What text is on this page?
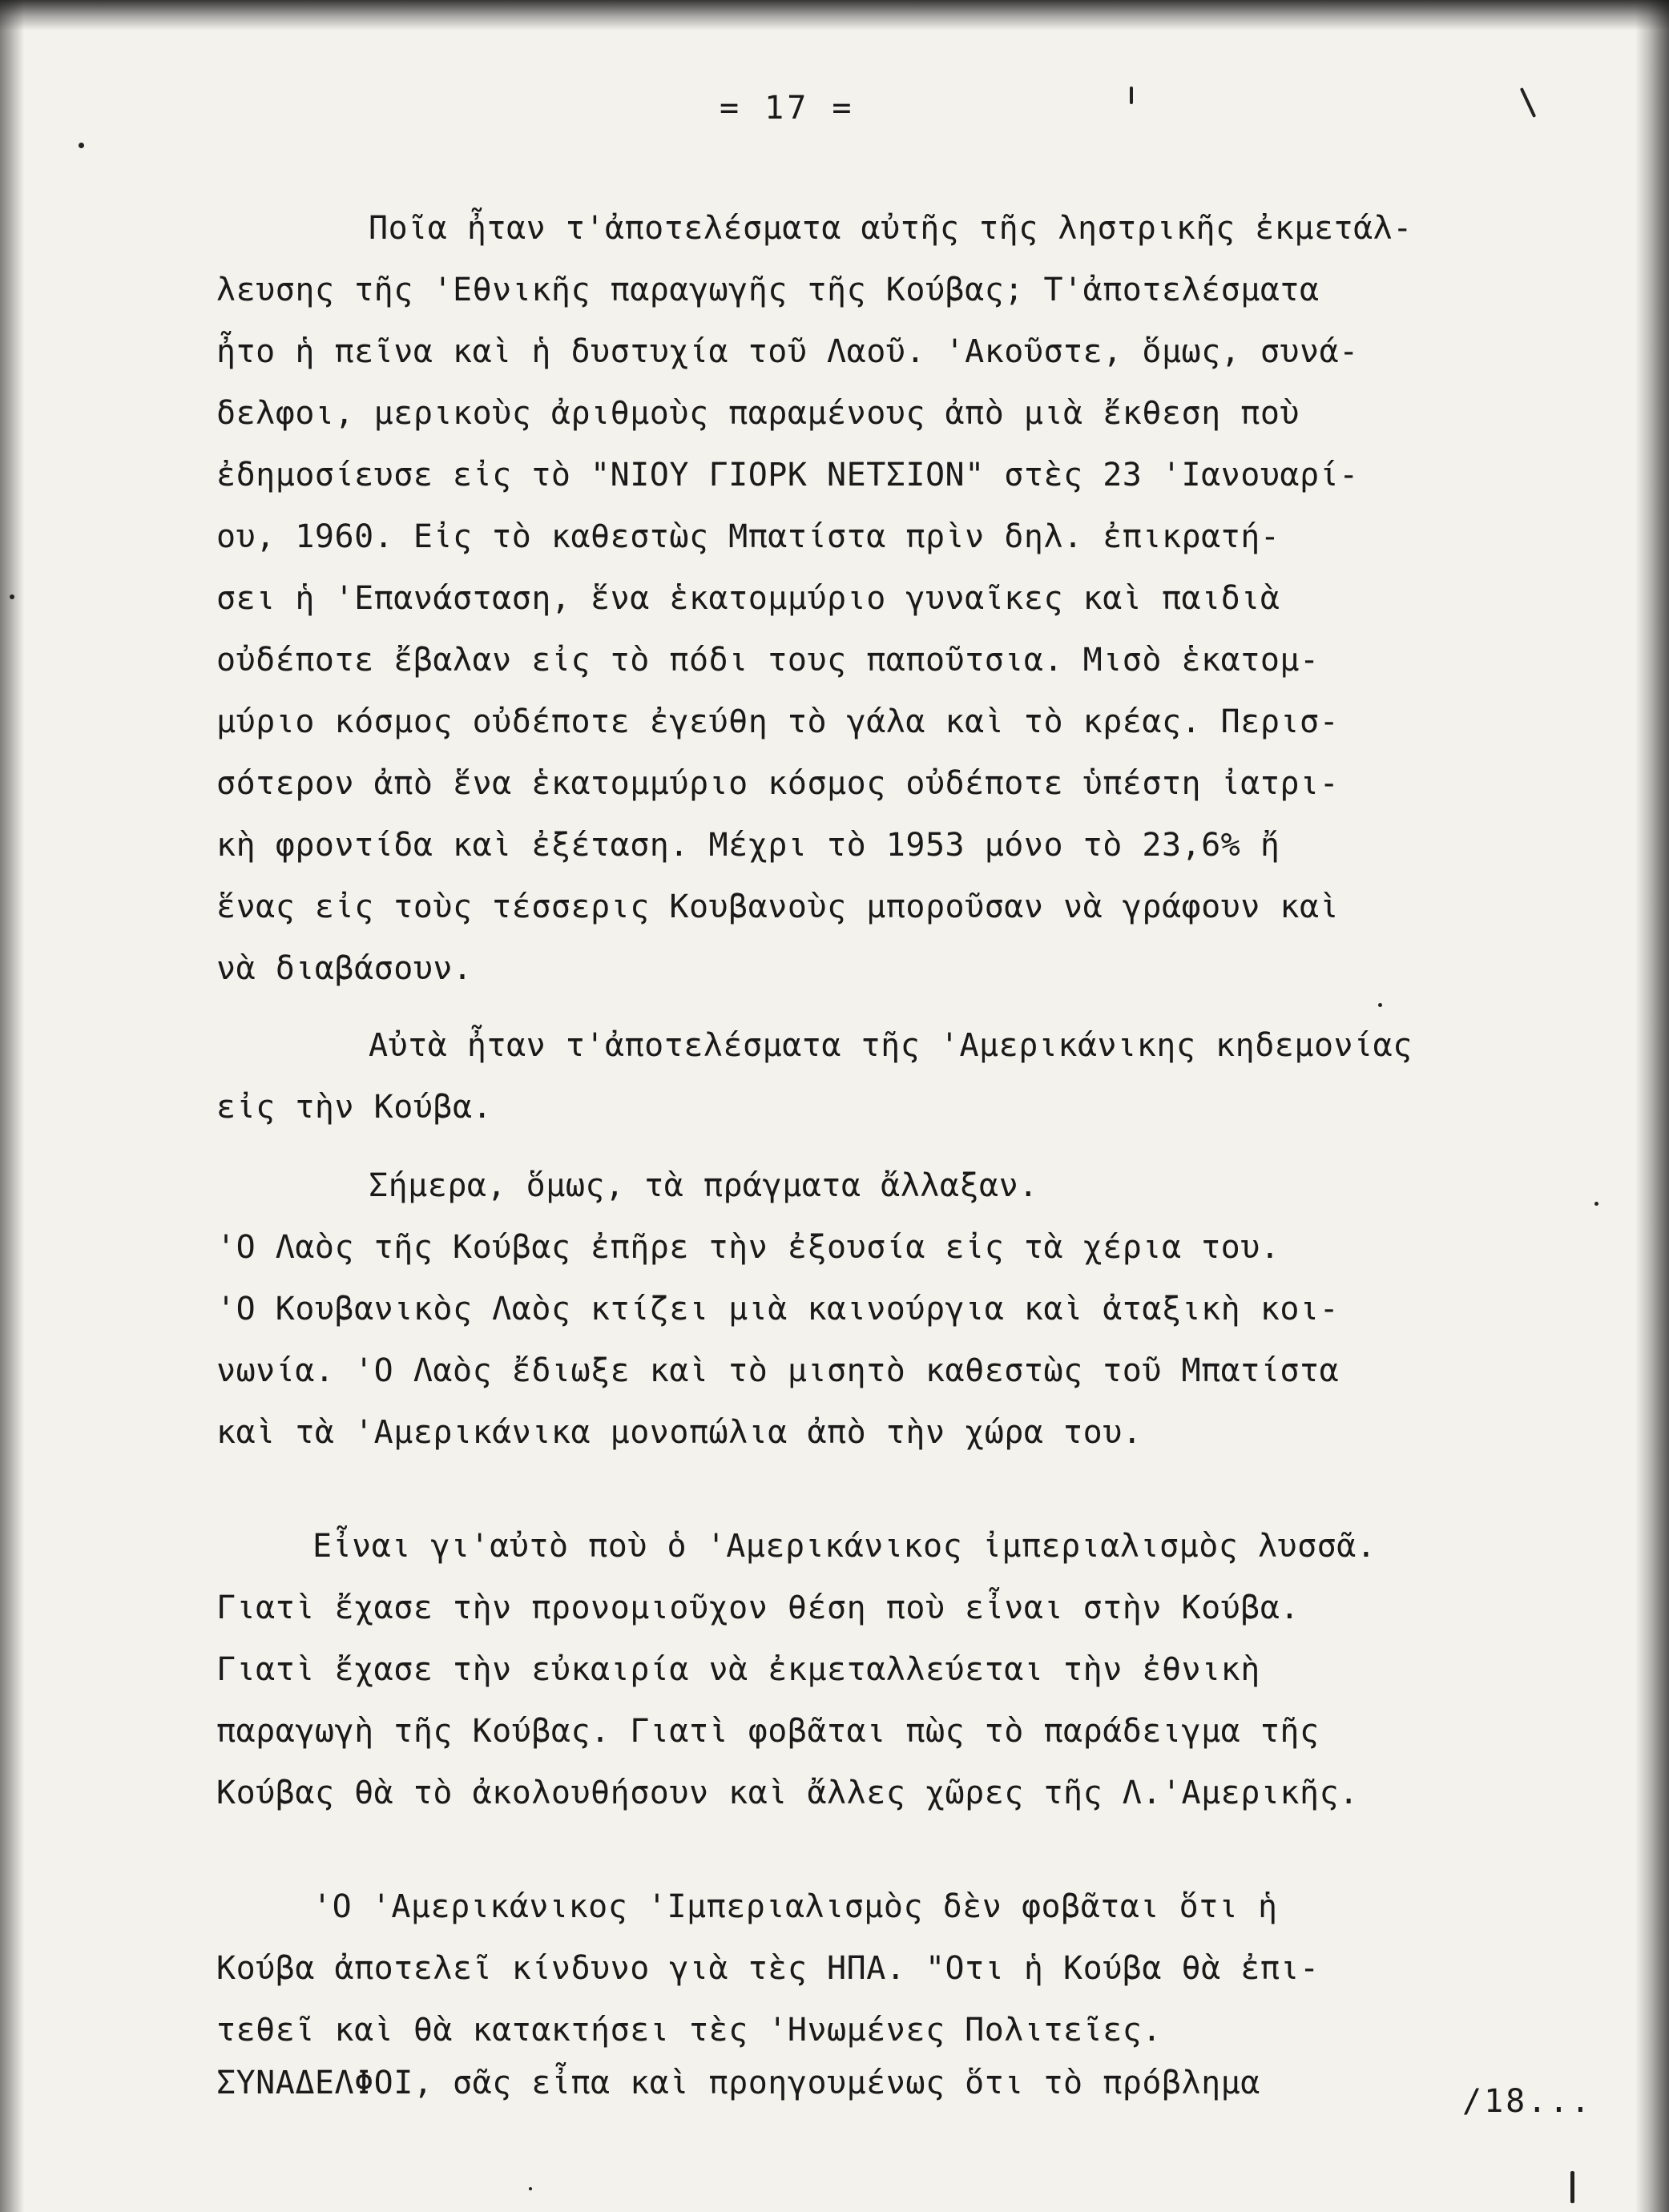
= 17 =
Ποῖα ἦταν τ'ἀποτελέσματα αὐτῆς τῆς ληστρικῆς ἐκμετάλ-
λευσης τῆς 'Εθνικῆς παραγωγῆς τῆς Κούβας; Τ'ἀποτελέσματα
ἦτο ἡ πεῖνα καὶ ἡ δυστυχία τοῦ Λαοῦ. 'Ακοῦστε, ὅμως, συνά-
δελφοι, μερικοὺς ἀριθμοὺς παραμένους ἀπὸ μιὰ ἔκθεση ποὺ
ἐδημοσίευσε εἰς τὸ "ΝΙΟΥ ΓΙΟΡΚ ΝΕΤΣΙΟΝ" στὲς 23 'Ιανουαρί-
ου, 1960. Εἰς τὸ καθεστὼς Μπατίστα πρὶν δηλ. ἐπικρατή-
σει ἡ 'Επανάσταση, ἕνα ἑκατομμύριο γυναῖκες καὶ παιδιὰ
οὐδέποτε ἔβαλαν εἰς τὸ πόδι τους παποῦτσια. Μισὸ ἑκατομ-
μύριο κόσμος οὐδέποτε ἐγεύθη τὸ γάλα καὶ τὸ κρέας. Περισ-
σότερον ἀπὸ ἕνα ἑκατομμύριο κόσμος οὐδέποτε ὑπέστη ἰατρι-
κὴ φροντίδα καὶ ἐξέταση. Μέχρι τὸ 1953 μόνο τὸ 23,6% ἤ
ἕνας εἰς τοὺς τέσσερις Κουβανοὺς μποροῦσαν νὰ γράφουν καὶ
νὰ διαβάσουν.
Αὐτὰ ἦταν τ'ἀποτελέσματα τῆς 'Αμερικάνικης κηδεμονίας
εἰς τὴν Κούβα.
Σήμερα, ὅμως, τὰ πράγματα ἄλλαξαν.
'Ο Λαὸς τῆς Κούβας ἐπῆρε τὴν ἐξουσία εἰς τὰ χέρια του.
'Ο Κουβανικὸς Λαὸς κτίζει μιὰ καινούργια καὶ ἀταξικὴ κοι-
νωνία. 'Ο Λαὸς ἔδιωξε καὶ τὸ μισητὸ καθεστὼς τοῦ Μπατίστα
καὶ τὰ 'Αμερικάνικα μονοπώλια ἀπὸ τὴν χώρα του.
Εἶναι γι'αὐτὸ ποὺ ὁ 'Αμερικάνικος ἰμπεριαλισμὸς λυσσᾶ.
Γιατὶ ἔχασε τὴν προνομιοῦχον θέση ποὺ εἶναι στὴν Κούβα.
Γιατὶ ἔχασε τὴν εὐκαιρία νὰ ἐκμεταλλεύεται τὴν ἐθνικὴ
παραγωγὴ τῆς Κούβας. Γιατὶ φοβᾶται πὼς τὸ παράδειγμα τῆς
Κούβας θὰ τὸ ἀκολουθήσουν καὶ ἄλλες χῶρες τῆς Λ.'Αμερικῆς.
'Ο 'Αμερικάνικος 'Ιμπεριαλισμὸς δὲν φοβᾶται ὅτι ἡ
Κούβα ἀποτελεῖ κίνδυνο γιὰ τὲς ΗΠΑ. "Οτι ἡ Κούβα θὰ ἐπι-
τεθεῖ καὶ θὰ κατακτήσει τὲς 'Ηνωμένες Πολιτεῖες.
ΣΥΝΑΔΕΛΦΟΙ, σᾶς εἶπα καὶ προηγουμένως ὅτι τὸ πρόβλημα	/18...
